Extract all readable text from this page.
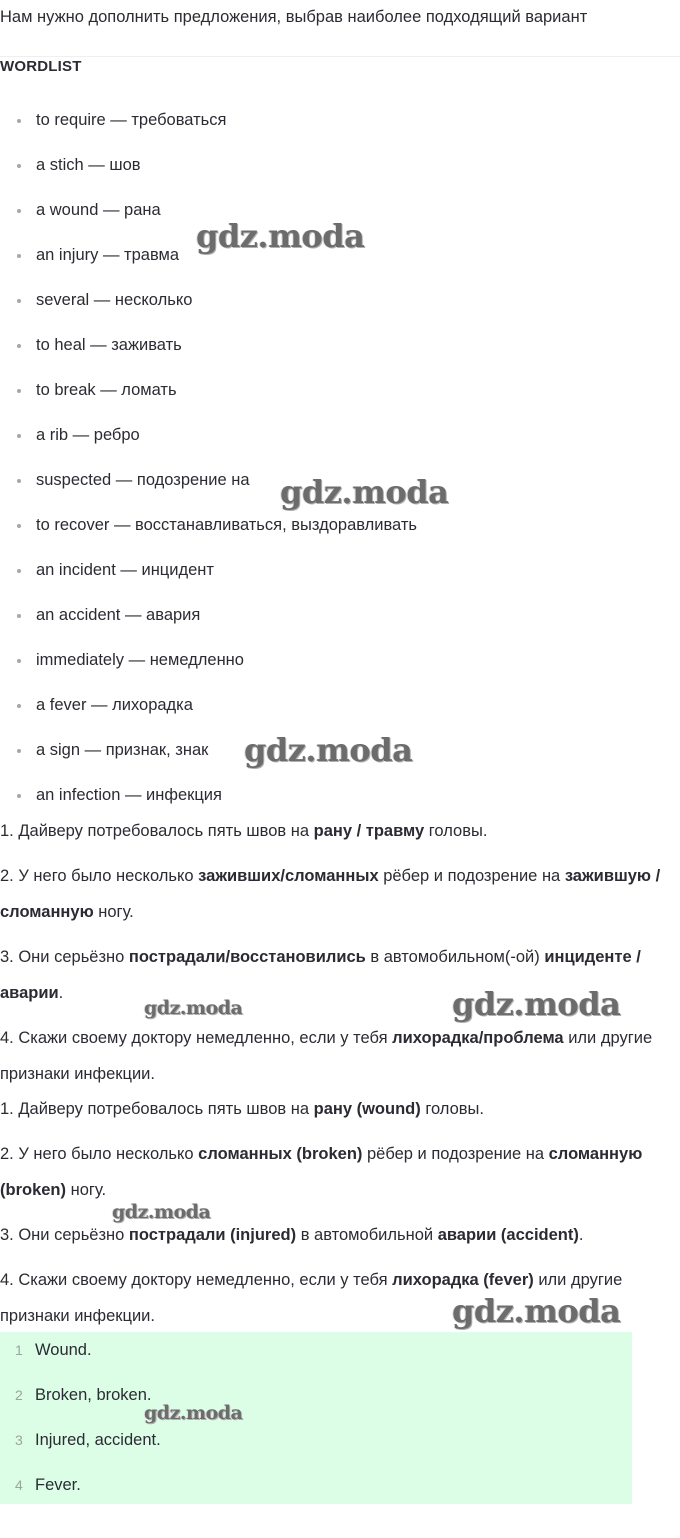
Нам нужно дополнить предложения, выбрав наиболее подходящий вариант
WORDLIST
to require — требоваться
a stich — шов
a wound — рана
an injury — травма
several — несколько
to heal — заживать
to break — ломать
a rib — ребро
suspected — подозрение на
to recover — восстанавливаться, выздоравливать
an incident — инцидент
an accident — авария
immediately — немедленно
a fever — лихорадка
a sign — признак, знак
an infection — инфекция

1. Дайверу потребовалось пять швов на рану / травму головы.

2. У него было несколько заживших/сломанных рёбер и подозрение на зажившую / сломанную ногу.

3. Они серьёзно пострадали/восстановились в автомобильном(-ой) инциденте / аварии.

4. Скажи своему доктору немедленно, если у тебя лихорадка/проблема или другие признаки инфекции.

1. Дайверу потребовалось пять швов на рану (wound) головы.

2. У него было несколько сломанных (broken) рёбер и подозрение на сломанную (broken) ногу.

3. Они серьёзно пострадали (injured) в автомобильной аварии (accident).

4. Скажи своему доктору немедленно, если у тебя лихорадка (fever) или другие признаки инфекции.

1 Wound.
2 Broken, broken.
3 Injured, accident.
4 Fever.
gdz.moda
gdz.moda
gdz.moda
gdz.moda
gdz.moda
gdz.moda
gdz.moda
gdz.moda
